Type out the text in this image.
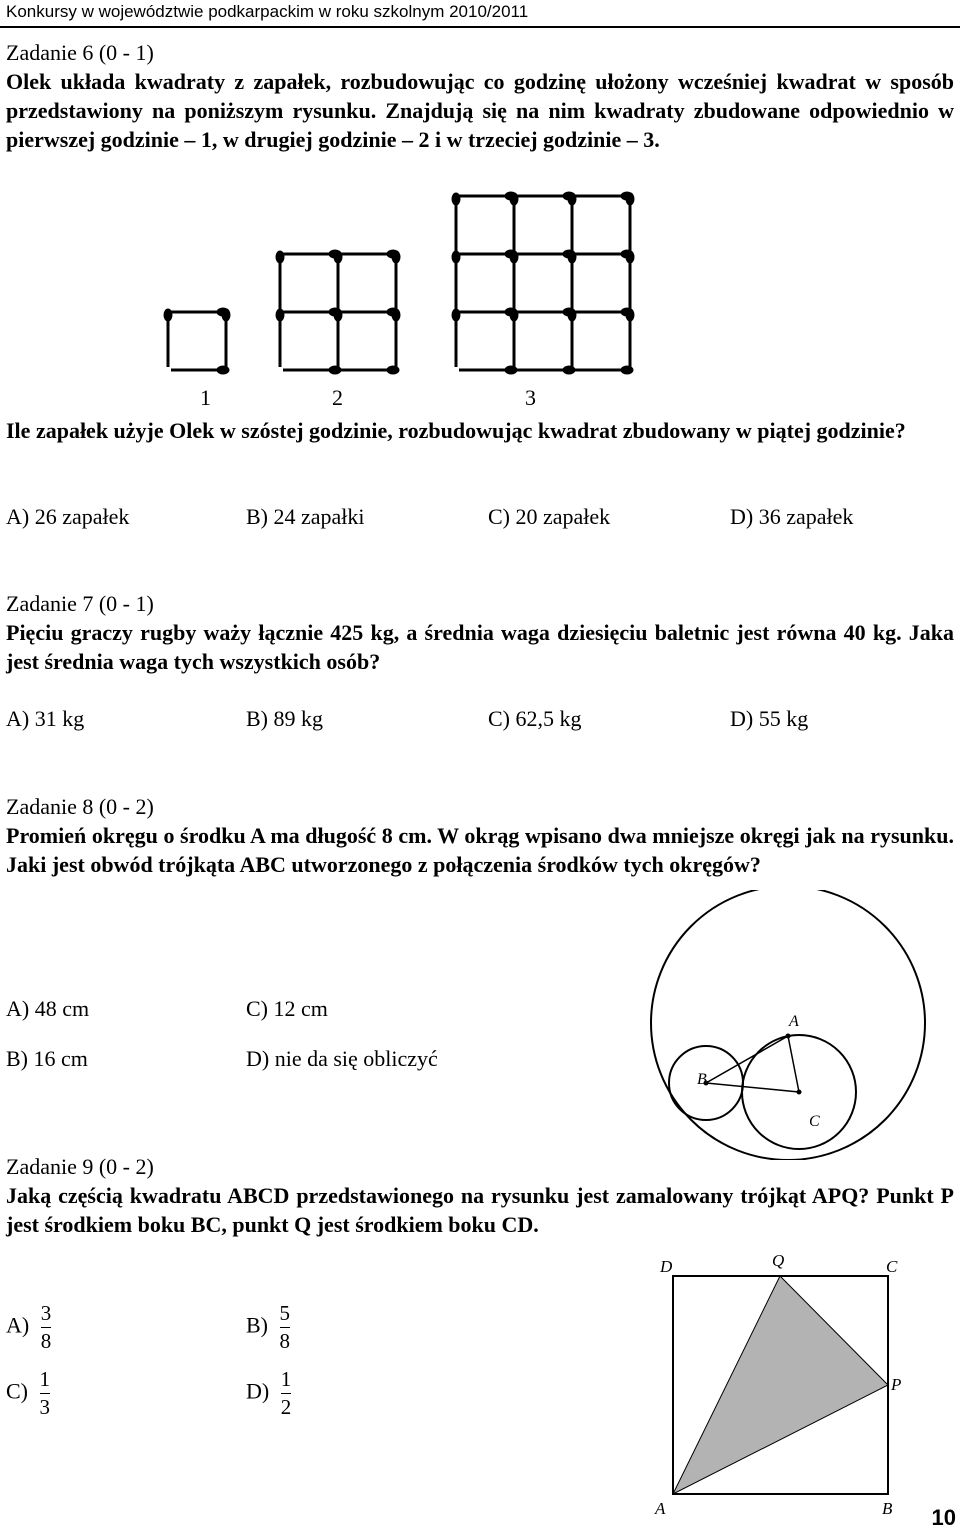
Konkursy w województwie podkarpackim w roku szkolnym 2010/2011
Zadanie 6 (0 - 1)
Olek układa kwadraty z zapałek, rozbudowując co godzinę ułożony wcześniej kwadrat w sposób przedstawiony na poniższym rysunku. Znajdują się na nim kwadraty zbudowane odpowiednio w pierwszej godzinie – 1, w drugiej godzinie – 2 i w trzeciej godzinie – 3.
1	2	3
Ile zapałek użyje Olek w szóstej godzinie, rozbudowując kwadrat zbudowany w piątej godzinie?
A) 26 zapałek	B) 24 zapałki	C) 20 zapałek	D) 36 zapałek
Zadanie 7 (0 - 1)
Pięciu graczy rugby waży łącznie 425 kg, a średnia waga dziesięciu baletnic jest równa 40 kg. Jaka jest średnia waga tych wszystkich osób?
A) 31 kg	B) 89 kg	C) 62,5 kg	D) 55 kg
Zadanie 8 (0 - 2)
Promień okręgu o środku A ma długość 8 cm. W okrąg wpisano dwa mniejsze okręgi jak na rysunku. Jaki jest obwód trójkąta ABC utworzonego z połączenia środków tych okręgów?
A) 48 cm	C) 12 cm
B) 16 cm	D) nie da się obliczyć
A
B
C
Zadanie 9 (0 - 2)
Jaką częścią kwadratu ABCD przedstawionego na rysunku jest zamalowany trójkąt APQ? Punkt P jest środkiem boku BC, punkt Q jest środkiem boku CD.
$A) \frac{3}{8}$	$B) \frac{5}{8}$
$C) \frac{1}{3}$	$D) \frac{1}{2}$
D	Q	C
P
A	B 10
